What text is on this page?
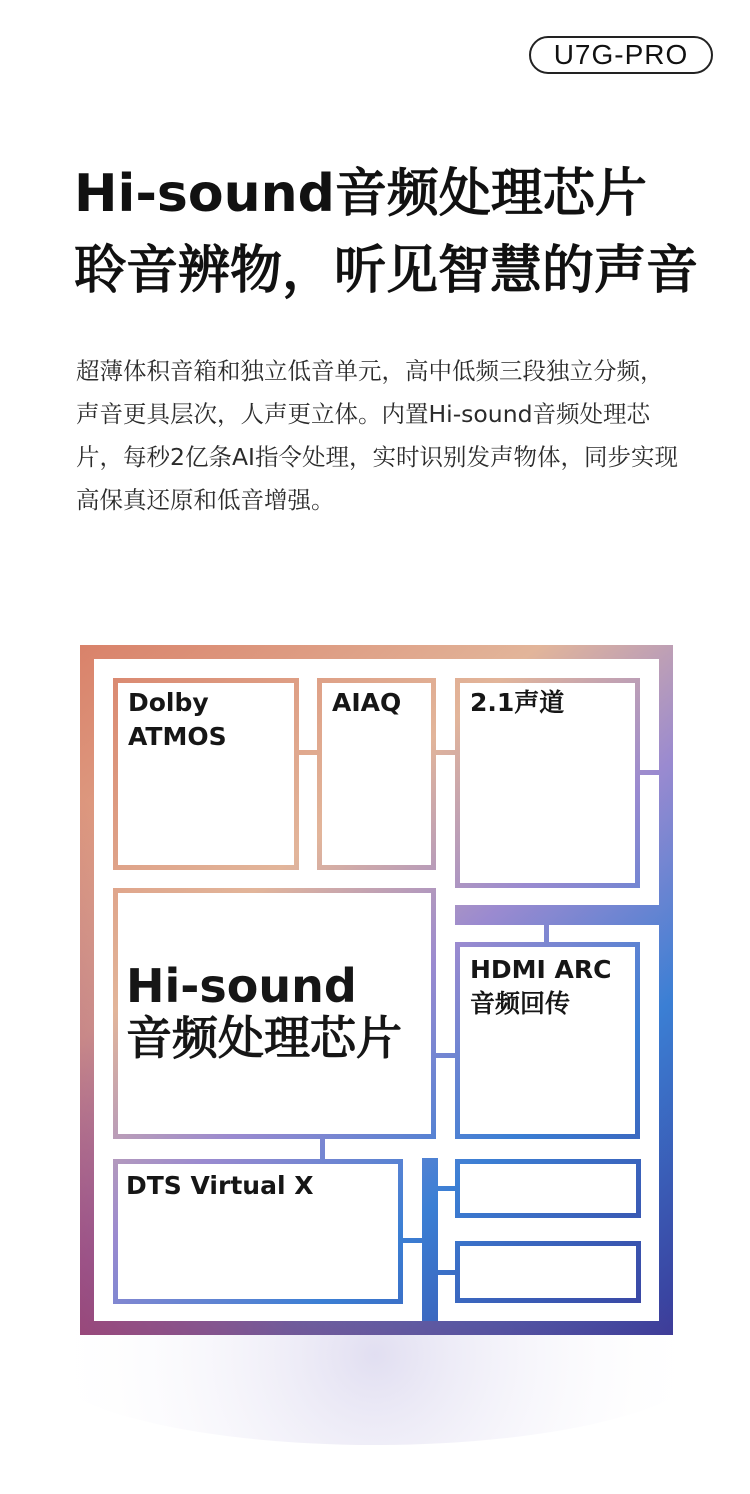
U7G-PRO
Hi-sound音频处理芯片
聆音辨物，听见智慧的声音

超薄体积音箱和独立低音单元，高中低频三段独立分频，声音更具层次，人声更立体。内置Hi-sound音频处理芯片，每秒2亿条AI指令处理，实时识别发声物体，同步实现高保真还原和低音增强。

Dolby
ATMOS

AIAQ	2.1声道

Hi-sound
音频处理芯片

HDMI ARC
音频回传

DTS Virtual X
